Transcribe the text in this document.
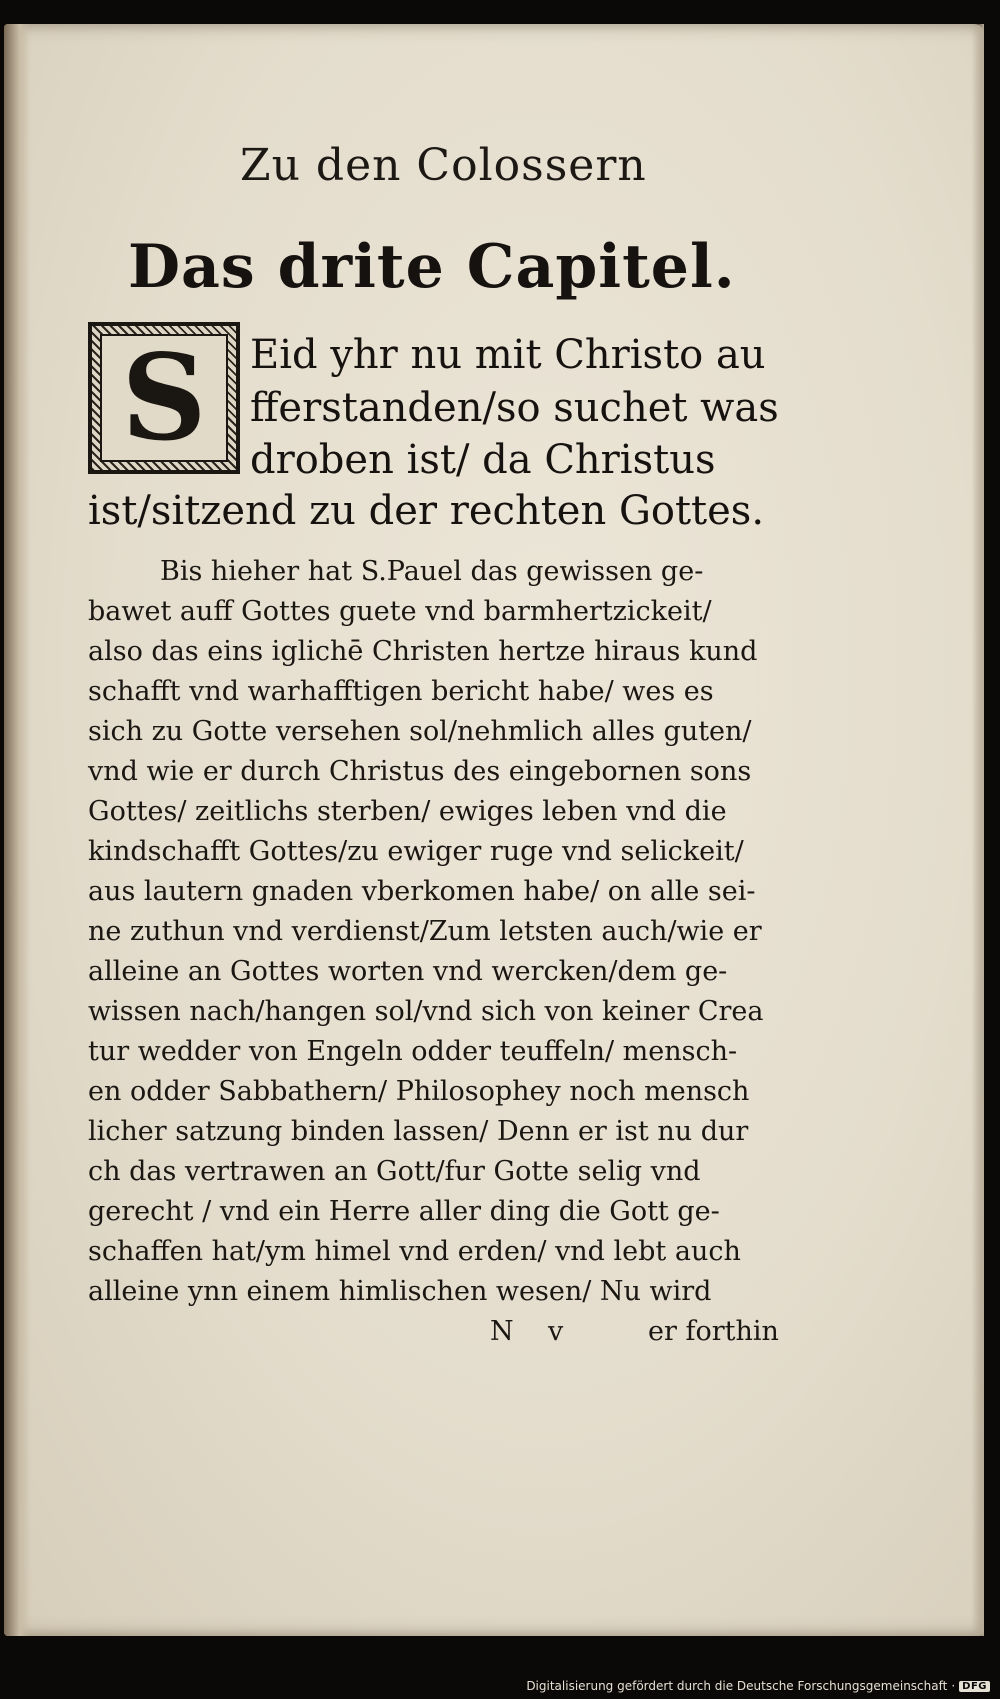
Zu den Colossern
Das drite Capitel.
S	Eid yhr nu mit Christo au
fferstanden/so suchet was
droben ist/ da Christus
ist/sitzend zu der rechten Gottes.
Bis hieher hat S.Pauel das gewissen ge-
bawet auff Gottes guete vnd barmhertzickeit/
also das eins iglichē Christen hertze hiraus kund
schafft vnd warhafftigen bericht habe/ wes es
sich zu Gotte versehen sol/nehmlich alles guten/
vnd wie er durch Christus des eingebornen sons
Gottes/ zeitlichs sterben/ ewiges leben vnd die
kindschafft Gottes/zu ewiger ruge vnd selickeit/
aus lautern gnaden vberkomen habe/ on alle sei-
ne zuthun vnd verdienst/Zum letsten auch/wie er
alleine an Gottes worten vnd wercken/dem ge-
wissen nach/hangen sol/vnd sich von keiner Crea
tur wedder von Engeln odder teuffeln/ mensch-
en odder Sabbathern/ Philosophey noch mensch
licher satzung binden lassen/ Denn er ist nu dur
ch das vertrawen an Gott/fur Gotte selig vnd
gerecht / vnd ein Herre aller ding die Gott ge-
schaffen hat/ym himel vnd erden/ vnd lebt auch
alleine ynn einem himlischen wesen/ Nu wird
N v	er forthin
Digitalisierung gefördert durch die Deutsche Forschungsgemeinschaft · DFG
